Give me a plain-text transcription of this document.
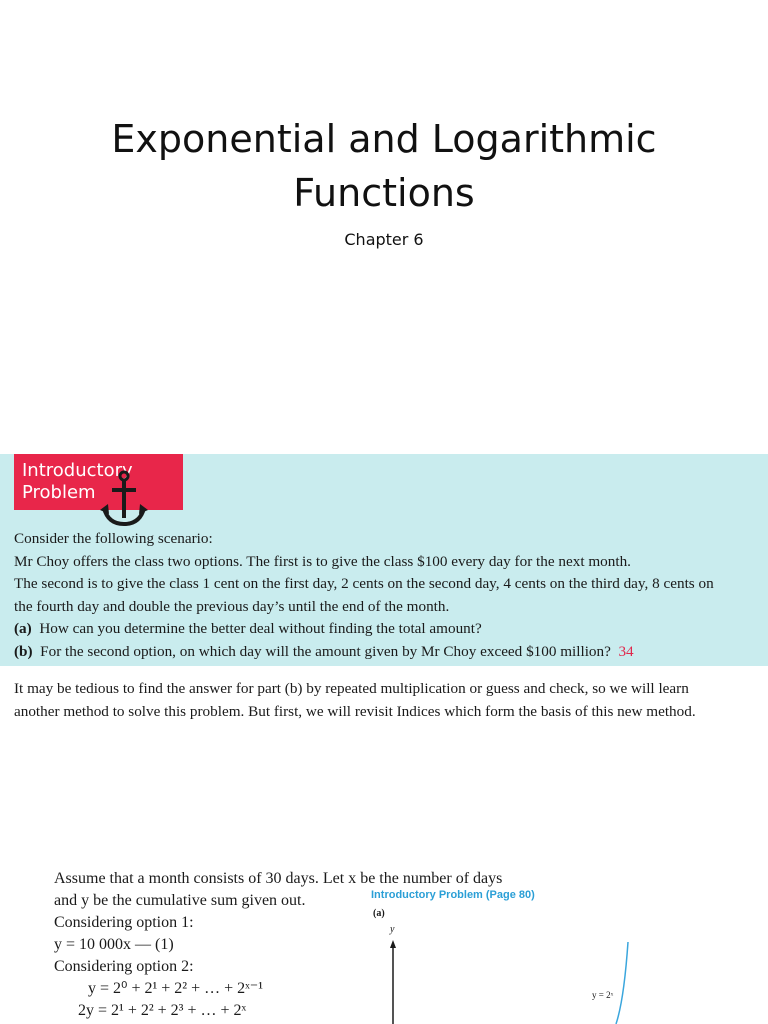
Exponential and Logarithmic
Functions
Chapter 6
Introductory
Problem
Consider the following scenario:
Mr Choy offers the class two options. The first is to give the class $100 every day for the next month.
The second is to give the class 1 cent on the first day, 2 cents on the second day, 4 cents on the third day, 8 cents on
the fourth day and double the previous day’s until the end of the month.
(a) How can you determine the better deal without finding the total amount?
(b) For the second option, on which day will the amount given by Mr Choy exceed $100 million? 34
It may be tedious to find the answer for part (b) by repeated multiplication or guess and check, so we will learn
another method to solve this problem. But first, we will revisit Indices which form the basis of this new method.
Assume that a month consists of 30 days. Let x be the number of days
and y be the cumulative sum given out.
Considering option 1:
y = 10 000x — (1)
Considering option 2:
y = 2⁰ + 2¹ + 2² + … + 2ˣ⁻¹
2y = 2¹ + 2² + 2³ + … + 2ˣ
Introductory Problem (Page 80)
(a)
y
y = 2ˣ
